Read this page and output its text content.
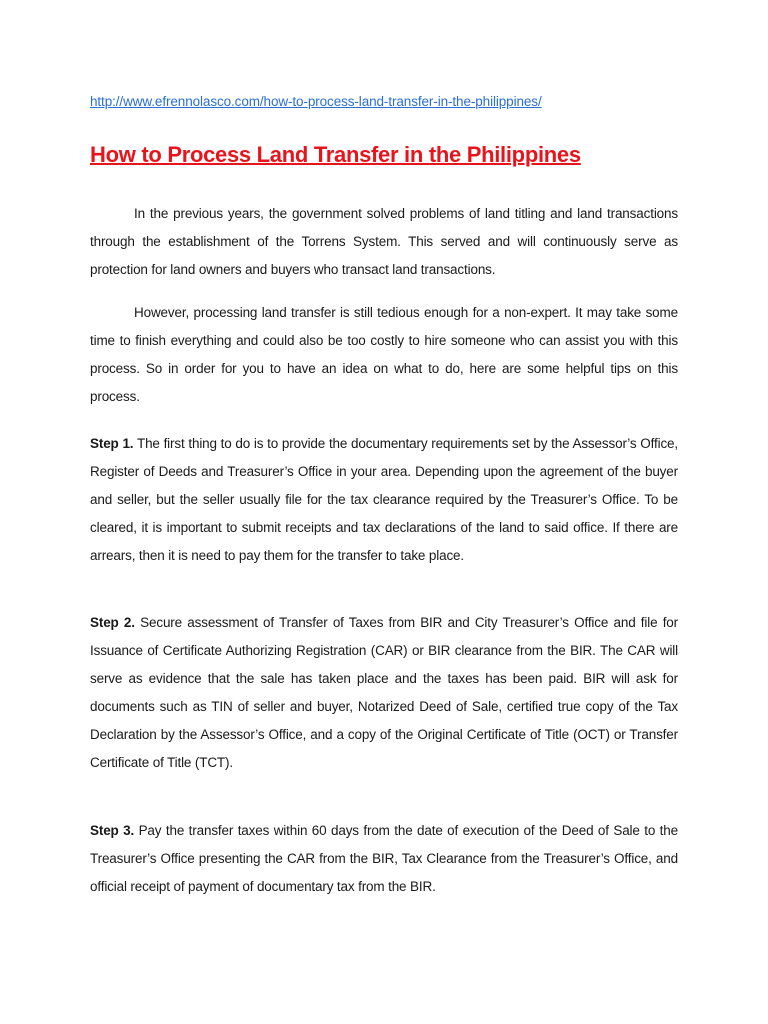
http://www.efrennolasco.com/how-to-process-land-transfer-in-the-philippines/
How to Process Land Transfer in the Philippines

In the previous years, the government solved problems of land titling and land transactions through the establishment of the Torrens System. This served and will continuously serve as protection for land owners and buyers who transact land transactions.

However, processing land transfer is still tedious enough for a non-expert. It may take some time to finish everything and could also be too costly to hire someone who can assist you with this process. So in order for you to have an idea on what to do, here are some helpful tips on this process.

Step 1. The first thing to do is to provide the documentary requirements set by the Assessor’s Office, Register of Deeds and Treasurer’s Office in your area. Depending upon the agreement of the buyer and seller, but the seller usually file for the tax clearance required by the Treasurer’s Office. To be cleared, it is important to submit receipts and tax declarations of the land to said office. If there are arrears, then it is need to pay them for the transfer to take place.

Step 2. Secure assessment of Transfer of Taxes from BIR and City Treasurer’s Office and file for Issuance of Certificate Authorizing Registration (CAR) or BIR clearance from the BIR. The CAR will serve as evidence that the sale has taken place and the taxes has been paid. BIR will ask for documents such as TIN of seller and buyer, Notarized Deed of Sale, certified true copy of the Tax Declaration by the Assessor’s Office, and a copy of the Original Certificate of Title (OCT) or Transfer Certificate of Title (TCT).

Step 3. Pay the transfer taxes within 60 days from the date of execution of the Deed of Sale to the Treasurer’s Office presenting the CAR from the BIR, Tax Clearance from the Treasurer’s Office, and official receipt of payment of documentary tax from the BIR.
